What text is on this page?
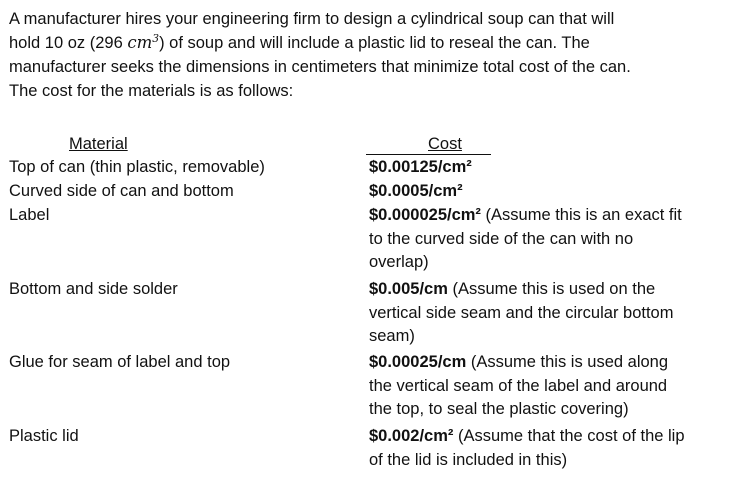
A manufacturer hires your engineering firm to design a cylindrical soup can that will
hold 10 oz (296 $cm^3$) of soup and will include a plastic lid to reseal the can. The
manufacturer seeks the dimensions in centimeters that minimize total cost of the can.
The cost for the materials is as follows:
Material	Cost
Top of can (thin plastic, removable)	$0.00125/cm²
Curved side of can and bottom	$0.0005/cm²
Label	$0.000025/cm² (Assume this is an exact fit
to the curved side of the can with no
overlap)
Bottom and side solder	$0.005/cm (Assume this is used on the
vertical side seam and the circular bottom
seam)
Glue for seam of label and top	$0.00025/cm (Assume this is used along
the vertical seam of the label and around
the top, to seal the plastic covering)
Plastic lid	$0.002/cm² (Assume that the cost of the lip
of the lid is included in this)
